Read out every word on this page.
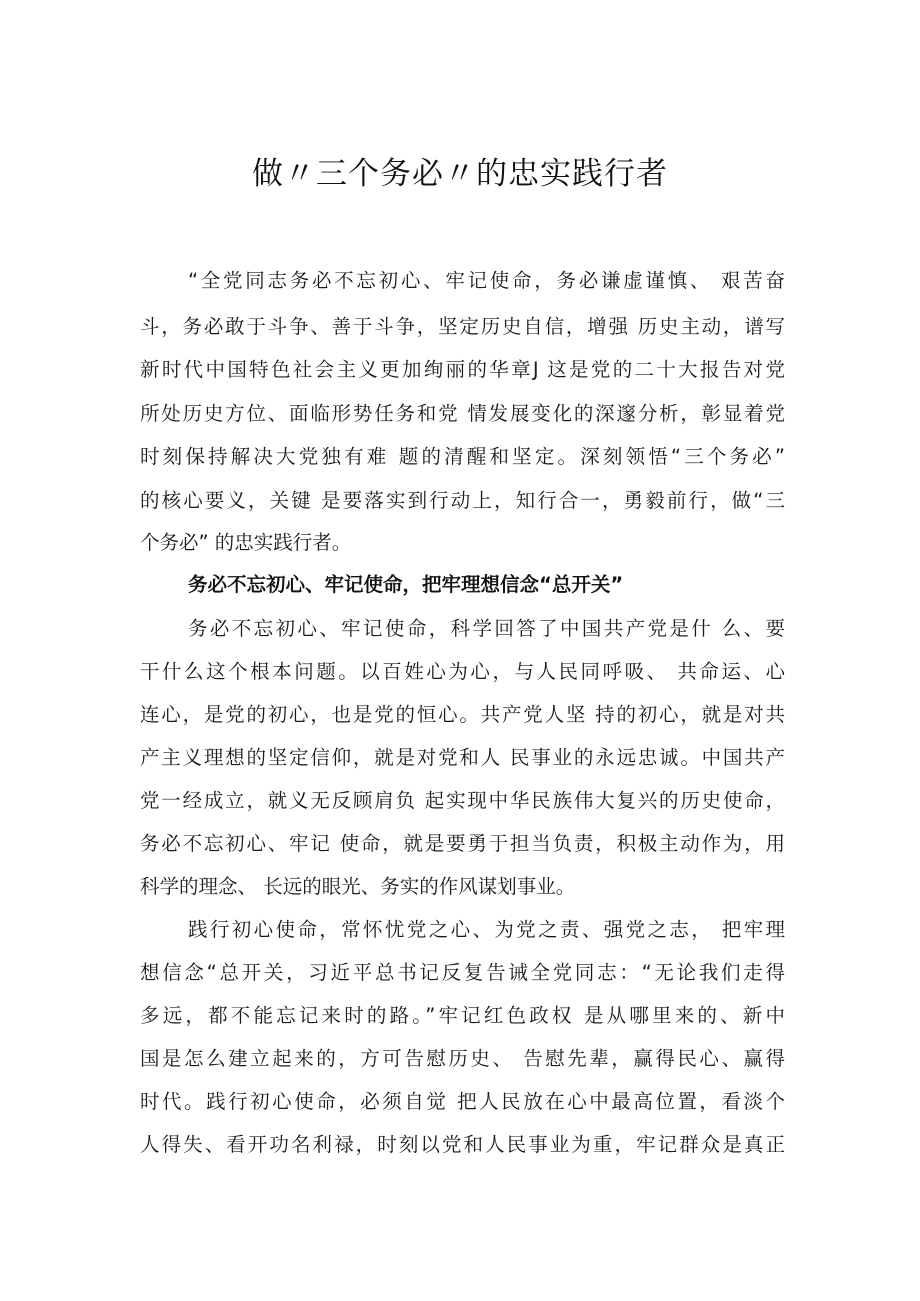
做〃三个务必〃的忠实践行者
“全党同志务必不忘初心、牢记使命，务必谦虚谨慎、 艰苦奋
斗，务必敢于斗争、善于斗争，坚定历史自信，增强 历史主动，谱写
新时代中国特色社会主义更加绚丽的华章J 这是党的二十大报告对党
所处历史方位、面临形势任务和党 情发展变化的深邃分析，彰显着党
时刻保持解决大党独有难 题的清醒和坚定。深刻领悟“三个务必”
的核心要义，关键 是要落实到行动上，知行合一，勇毅前行，做“三
个务必” 的忠实践行者。
务必不忘初心、牢记使命，把牢理想信念“总开关”
务必不忘初心、牢记使命，科学回答了中国共产党是什 么、要
干什么这个根本问题。以百姓心为心，与人民同呼吸、 共命运、心
连心，是党的初心，也是党的恒心。共产党人坚 持的初心，就是对共
产主义理想的坚定信仰，就是对党和人 民事业的永远忠诚。中国共产
党一经成立，就义无反顾肩负 起实现中华民族伟大复兴的历史使命，
务必不忘初心、牢记 使命，就是要勇于担当负责，积极主动作为，用
科学的理念、 长远的眼光、务实的作风谋划事业。
践行初心使命，常怀忧党之心、为党之责、强党之志， 把牢理
想信念“总开关，习近平总书记反复告诫全党同志：“无论我们走得
多远，都不能忘记来时的路。”牢记红色政权 是从哪里来的、新中
国是怎么建立起来的，方可告慰历史、 告慰先辈，赢得民心、赢得
时代。践行初心使命，必须自觉 把人民放在心中最高位置，看淡个
人得失、看开功名利禄，时刻以党和人民事业为重，牢记群众是真正
